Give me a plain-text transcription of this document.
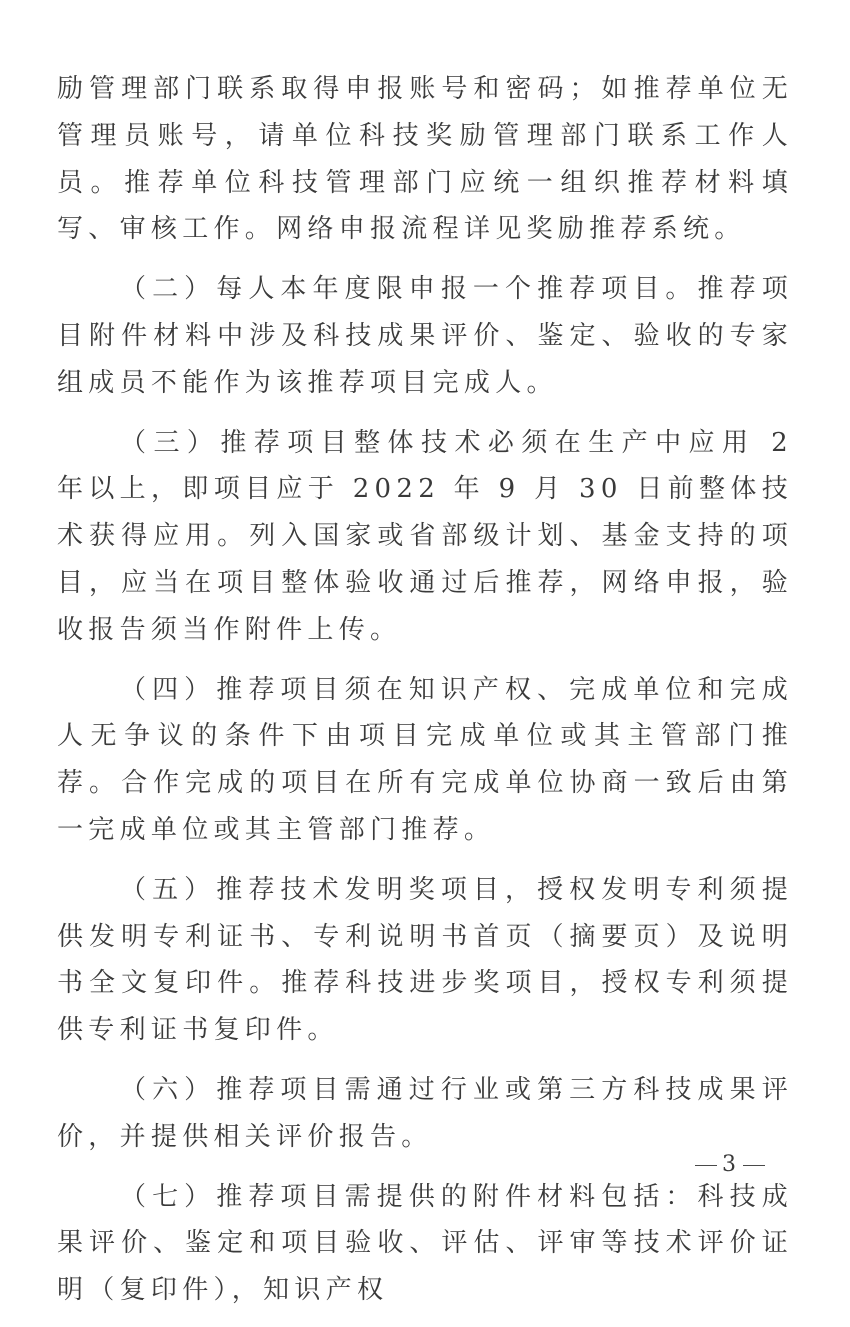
励管理部门联系取得申报账号和密码；如推荐单位无管理员账号，请单位科技奖励管理部门联系工作人员。推荐单位科技管理部门应统一组织推荐材料填写、审核工作。网络申报流程详见奖励推荐系统。

（二）每人本年度限申报一个推荐项目。推荐项目附件材料中涉及科技成果评价、鉴定、验收的专家组成员不能作为该推荐项目完成人。

（三）推荐项目整体技术必须在生产中应用 2 年以上，即项目应于 2022 年 9 月 30 日前整体技术获得应用。列入国家或省部级计划、基金支持的项目，应当在项目整体验收通过后推荐，网络申报，验收报告须当作附件上传。

（四）推荐项目须在知识产权、完成单位和完成人无争议的条件下由项目完成单位或其主管部门推荐。合作完成的项目在所有完成单位协商一致后由第一完成单位或其主管部门推荐。

（五）推荐技术发明奖项目，授权发明专利须提供发明专利证书、专利说明书首页（摘要页）及说明书全文复印件。推荐科技进步奖项目，授权专利须提供专利证书复印件。

（六）推荐项目需通过行业或第三方科技成果评价，并提供相关评价报告。

（七）推荐项目需提供的附件材料包括：科技成果评价、鉴定和项目验收、评估、评审等技术评价证明（复印件），知识产权

3
